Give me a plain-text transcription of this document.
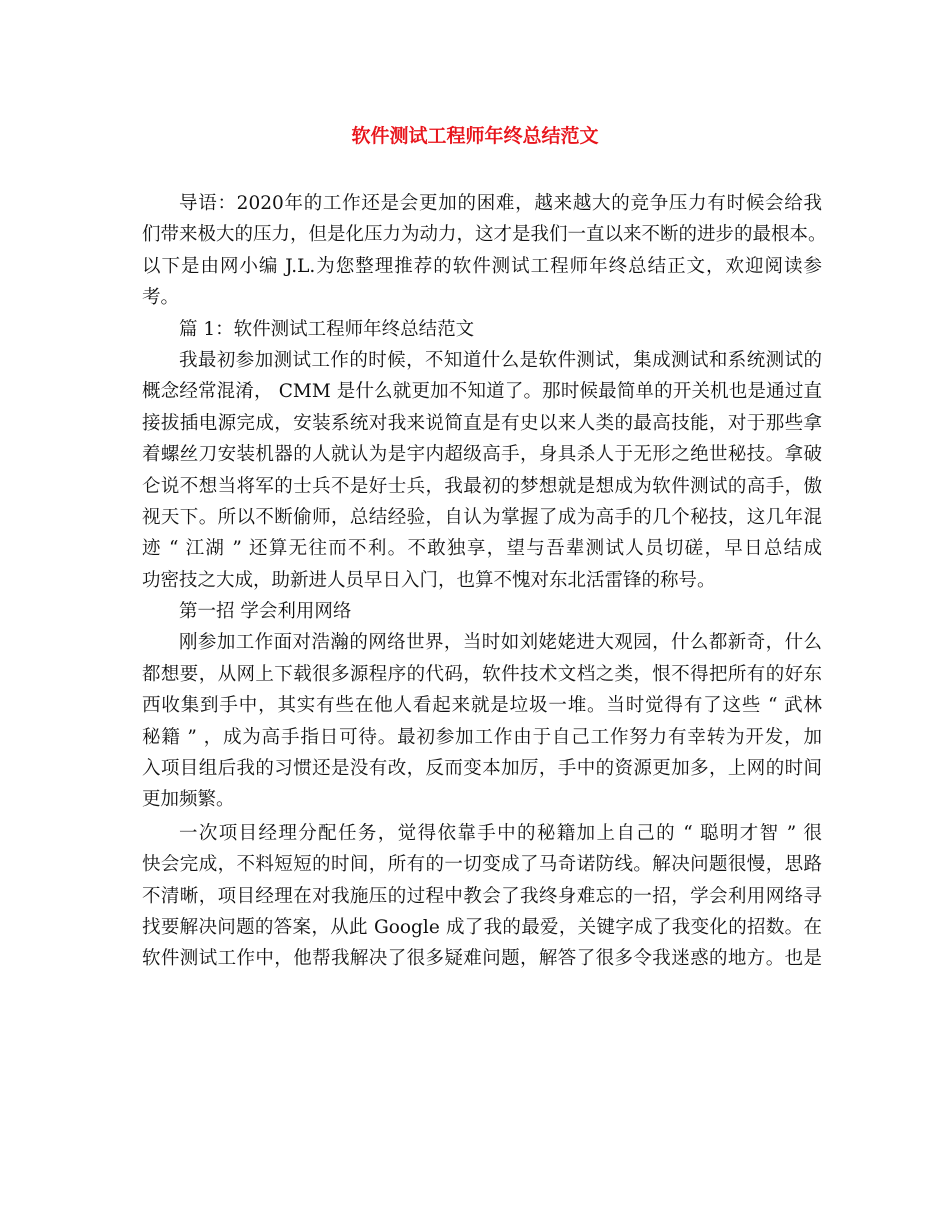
软件测试工程师年终总结范文
导语：2020年的工作还是会更加的困难，越来越大的竞争压力有时候会给我
们带来极大的压力，但是化压力为动力，这才是我们一直以来不断的进步的最根本。
以下是由网小编 J.L.为您整理推荐的软件测试工程师年终总结正文，欢迎阅读参
考。
篇 1：软件测试工程师年终总结范文
我最初参加测试工作的时候，不知道什么是软件测试，集成测试和系统测试的
概念经常混淆， CMM 是什么就更加不知道了。那时候最简单的开关机也是通过直
接拔插电源完成，安装系统对我来说简直是有史以来人类的最高技能，对于那些拿
着螺丝刀安装机器的人就认为是宇内超级高手，身具杀人于无形之绝世秘技。拿破
仑说不想当将军的士兵不是好士兵，我最初的梦想就是想成为软件测试的高手，傲
视天下。所以不断偷师，总结经验，自认为掌握了成为高手的几个秘技，这几年混
迹 “ 江湖 ” 还算无往而不利。不敢独享，望与吾辈测试人员切磋，早日总结成
功密技之大成，助新进人员早日入门，也算不愧对东北活雷锋的称号。
第一招 学会利用网络
刚参加工作面对浩瀚的网络世界，当时如刘姥姥进大观园，什么都新奇，什么
都想要，从网上下载很多源程序的代码，软件技术文档之类，恨不得把所有的好东
西收集到手中，其实有些在他人看起来就是垃圾一堆。当时觉得有了这些 “ 武林
秘籍 ” ，成为高手指日可待。最初参加工作由于自己工作努力有幸转为开发，加
入项目组后我的习惯还是没有改，反而变本加厉，手中的资源更加多，上网的时间
更加频繁。
一次项目经理分配任务，觉得依靠手中的秘籍加上自己的 “ 聪明才智 ” 很
快会完成，不料短短的时间，所有的一切变成了马奇诺防线。解决问题很慢，思路
不清晰，项目经理在对我施压的过程中教会了我终身难忘的一招，学会利用网络寻
找要解决问题的答案，从此 Google 成了我的最爱，关键字成了我变化的招数。在
软件测试工作中，他帮我解决了很多疑难问题，解答了很多令我迷惑的地方。也是
